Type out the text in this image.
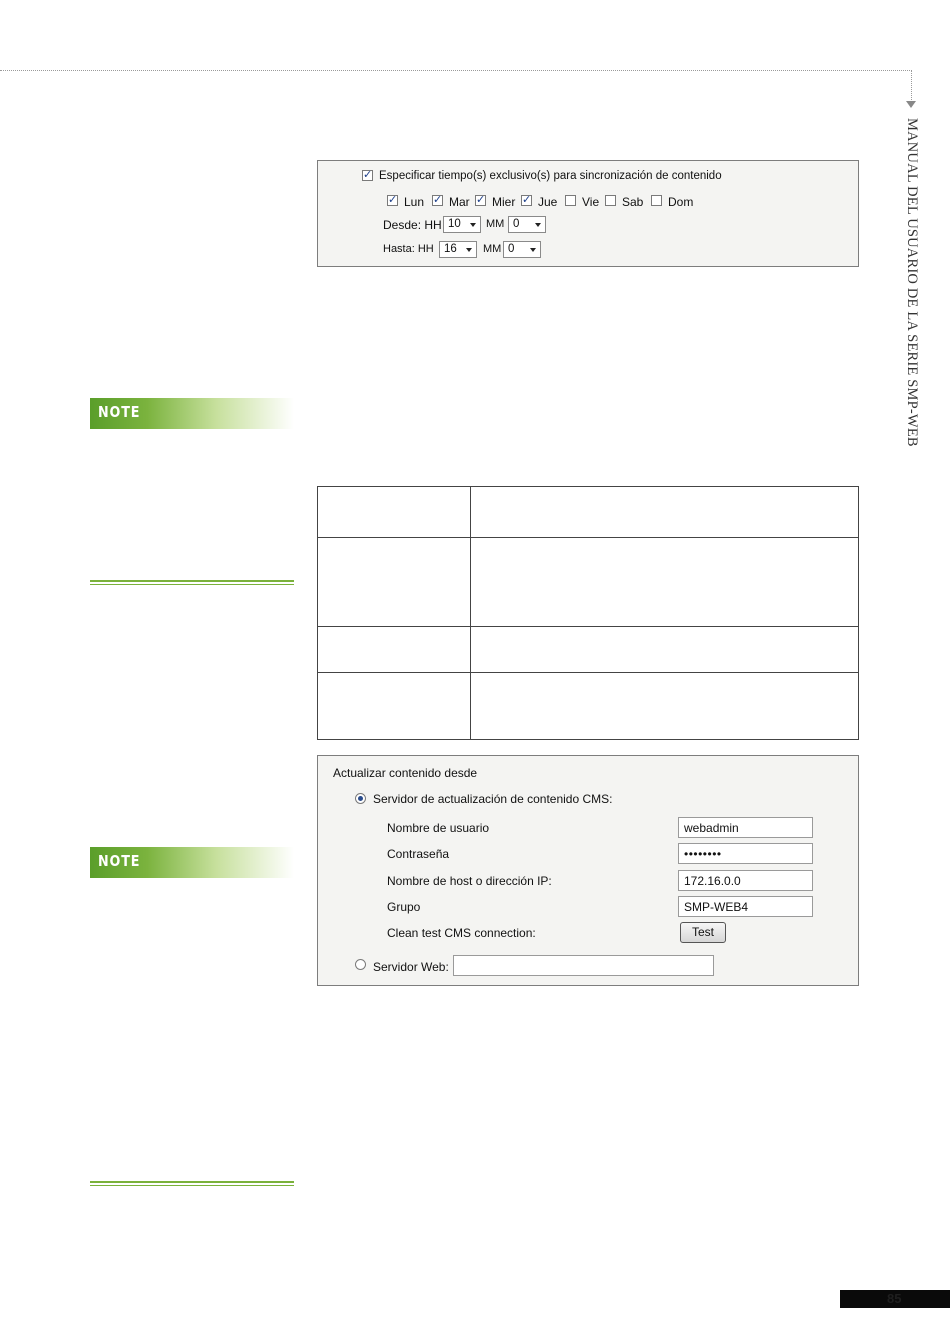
MANUAL DEL USUARIO DE LA SERIE SMP-WEB
✓
Especificar tiempo(s) exclusivo(s) para sincronización de contenido
✓
Lun ✓ Mar ✓ Mier ✓ Jue Vie Sab Dom
Desde: HH 10 MM 0
Hasta: HH 16 MM 0
NOTE
NOTE

Actualizar contenido desde
Servidor de actualización de contenido CMS:
Nombre de usuario	webadmin
Contraseña	••••••••
Nombre de host o dirección IP:	172.16.0.0
Grupo	SMP-WEB4
Clean test CMS connection:	Test
Servidor Web:
85
